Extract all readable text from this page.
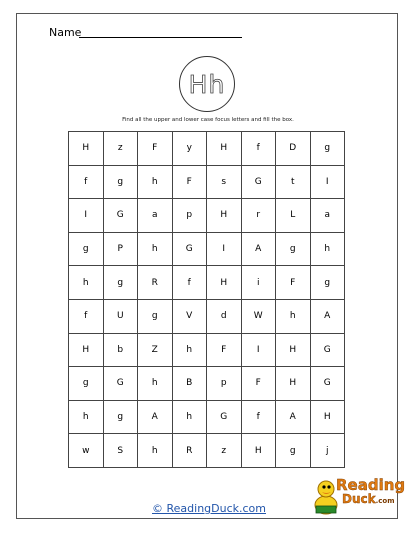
Name
Hh
Find all the upper and lower case focus letters and fill the box.
H	z	F	y	H	f	D	g
f	g	h	F	s	G	t	I
I	G	a	p	H	r	L	a
g	P	h	G	I	A	g	h
h	g	R	f	H	i	F	g
f	U	g	V	d	W	h	A
H	b	Z	h	F	I	H	G
g	G	h	B	p	F	H	G
h	g	A	h	G	f	A	H
w	S	h	R	z	H	g	j
© ReadingDuck.com
Reading
Duck.com
